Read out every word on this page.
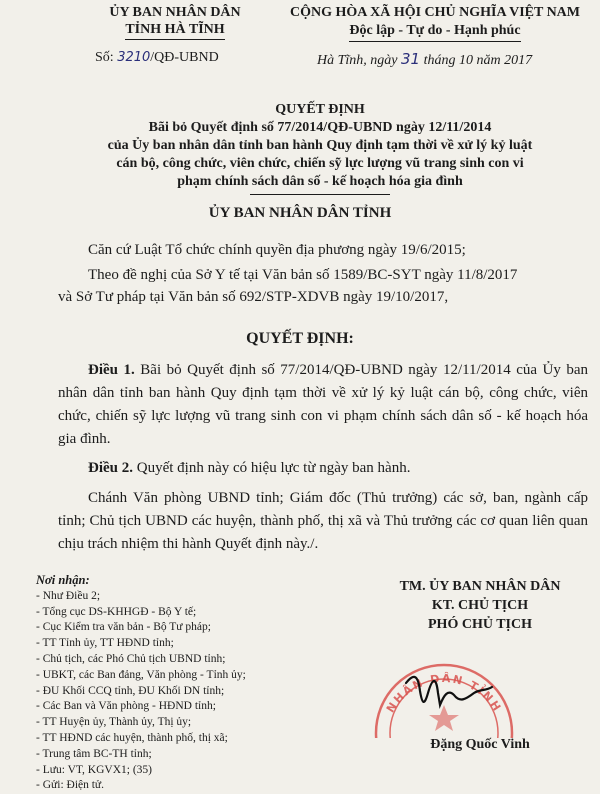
ỦY BAN NHÂN DÂN
TỈNH HÀ TĨNH
CỘNG HÒA XÃ HỘI CHỦ NGHĨA VIỆT NAM
Độc lập - Tự do - Hạnh phúc
Số: 3210/QĐ-UBND	Hà Tĩnh, ngày 31 tháng 10 năm 2017
QUYẾT ĐỊNH
Bãi bỏ Quyết định số 77/2014/QĐ-UBND ngày 12/11/2014
của Ủy ban nhân dân tỉnh ban hành Quy định tạm thời về xử lý kỷ luật
cán bộ, công chức, viên chức, chiến sỹ lực lượng vũ trang sinh con vi
phạm chính sách dân số - kế hoạch hóa gia đình
ỦY BAN NHÂN DÂN TỈNH
Căn cứ Luật Tổ chức chính quyền địa phương ngày 19/6/2015;
Theo đề nghị của Sở Y tế tại Văn bản số 1589/BC-SYT ngày 11/8/2017
và Sở Tư pháp tại Văn bản số 692/STP-XDVB ngày 19/10/2017,
QUYẾT ĐỊNH:
Điều 1. Bãi bỏ Quyết định số 77/2014/QĐ-UBND ngày 12/11/2014 của Ủy ban nhân dân tỉnh ban hành Quy định tạm thời về xử lý kỷ luật cán bộ, công chức, viên chức, chiến sỹ lực lượng vũ trang sinh con vi phạm chính sách dân số - kế hoạch hóa gia đình.
Điều 2. Quyết định này có hiệu lực từ ngày ban hành.
Chánh Văn phòng UBND tỉnh; Giám đốc (Thủ trưởng) các sở, ban, ngành cấp tỉnh; Chủ tịch UBND các huyện, thành phố, thị xã và Thủ trưởng các cơ quan liên quan chịu trách nhiệm thi hành Quyết định này./.
Nơi nhận:
- Như Điều 2;
- Tổng cục DS-KHHGĐ - Bộ Y tế;
- Cục Kiểm tra văn bản - Bộ Tư pháp;
- TT Tỉnh ủy, TT HĐND tỉnh;
- Chủ tịch, các Phó Chủ tịch UBND tỉnh;
- UBKT, các Ban đảng, Văn phòng - Tỉnh ủy;
- ĐU Khối CCQ tỉnh, ĐU Khối DN tỉnh;
- Các Ban và Văn phòng - HĐND tỉnh;
- TT Huyện ủy, Thành ủy, Thị ủy;
- TT HĐND các huyện, thành phố, thị xã;
- Trung tâm BC-TH tỉnh;
- Lưu: VT, KGVX1; (35)
- Gửi: Điện tử.
TM. ỦY BAN NHÂN DÂN
KT. CHỦ TỊCH
PHÓ CHỦ TỊCH
NHÂN DÂN TỈNH
Đặng Quốc Vinh
